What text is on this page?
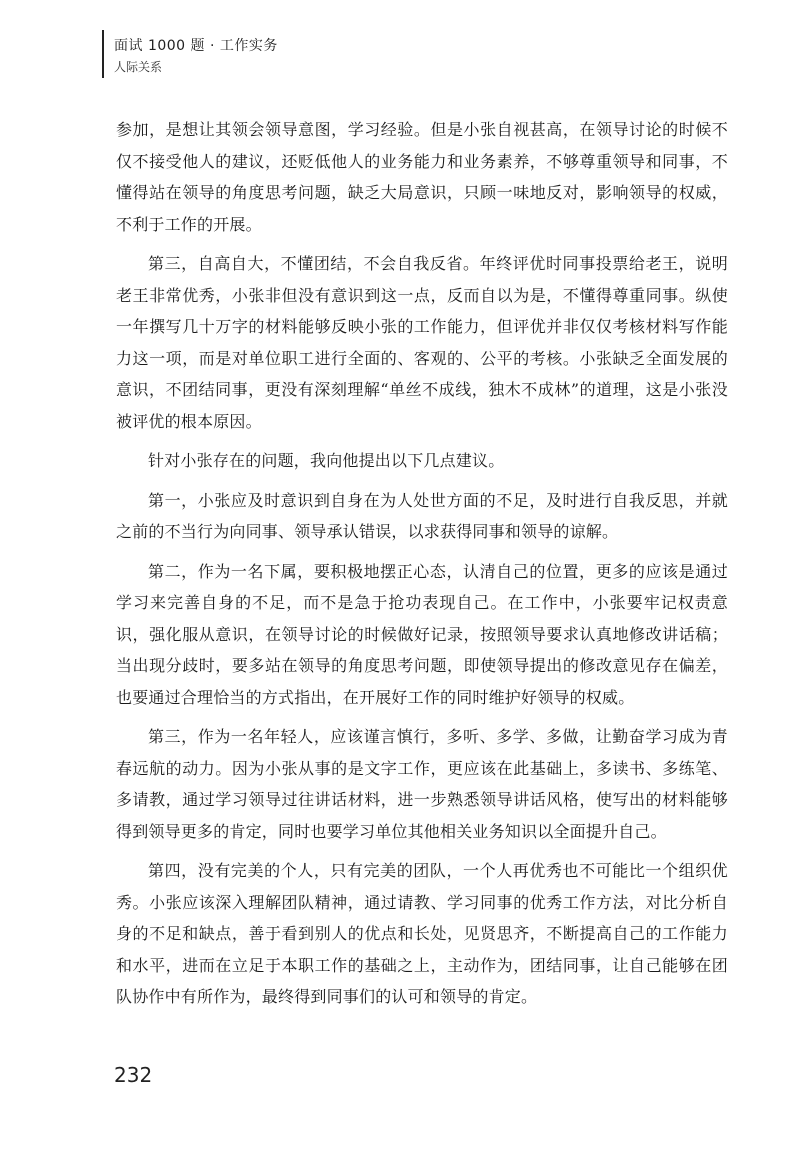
面试 1000 题 · 工作实务
人际关系

参加，是想让其领会领导意图，学习经验。但是小张自视甚高，在领导讨论的时候不仅不接受他人的建议，还贬低他人的业务能力和业务素养，不够尊重领导和同事，不懂得站在领导的角度思考问题，缺乏大局意识，只顾一味地反对，影响领导的权威，不利于工作的开展。

第三，自高自大，不懂团结，不会自我反省。年终评优时同事投票给老王，说明老王非常优秀，小张非但没有意识到这一点，反而自以为是，不懂得尊重同事。纵使一年撰写几十万字的材料能够反映小张的工作能力，但评优并非仅仅考核材料写作能力这一项，而是对单位职工进行全面的、客观的、公平的考核。小张缺乏全面发展的意识，不团结同事，更没有深刻理解“单丝不成线，独木不成林”的道理，这是小张没被评优的根本原因。

针对小张存在的问题，我向他提出以下几点建议。

第一，小张应及时意识到自身在为人处世方面的不足，及时进行自我反思，并就之前的不当行为向同事、领导承认错误，以求获得同事和领导的谅解。

第二，作为一名下属，要积极地摆正心态，认清自己的位置，更多的应该是通过学习来完善自身的不足，而不是急于抢功表现自己。在工作中，小张要牢记权责意识，强化服从意识，在领导讨论的时候做好记录，按照领导要求认真地修改讲话稿；当出现分歧时，要多站在领导的角度思考问题，即使领导提出的修改意见存在偏差，也要通过合理恰当的方式指出，在开展好工作的同时维护好领导的权威。

第三，作为一名年轻人，应该谨言慎行，多听、多学、多做，让勤奋学习成为青春远航的动力。因为小张从事的是文字工作，更应该在此基础上，多读书、多练笔、多请教，通过学习领导过往讲话材料，进一步熟悉领导讲话风格，使写出的材料能够得到领导更多的肯定，同时也要学习单位其他相关业务知识以全面提升自己。

第四，没有完美的个人，只有完美的团队，一个人再优秀也不可能比一个组织优秀。小张应该深入理解团队精神，通过请教、学习同事的优秀工作方法，对比分析自身的不足和缺点，善于看到别人的优点和长处，见贤思齐，不断提高自己的工作能力和水平，进而在立足于本职工作的基础之上，主动作为，团结同事，让自己能够在团队协作中有所作为，最终得到同事们的认可和领导的肯定。

232
